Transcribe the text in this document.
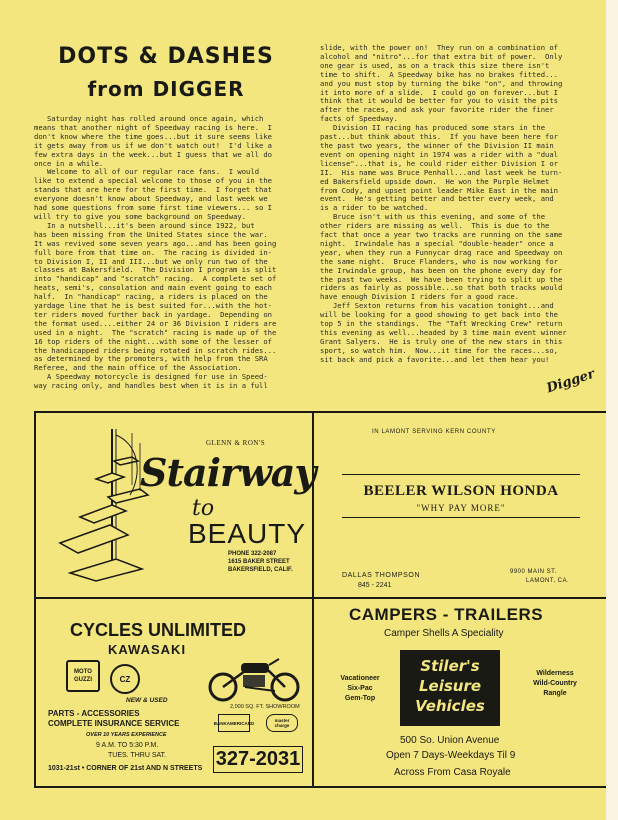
DOTS & DASHES
from DIGGER
Saturday night has rolled around once again, which
means that another night of Speedway racing is here.  I
don't know where the time goes...but it sure seems like
it gets away from us if we don't watch out!  I'd like a
few extra days in the week...but I guess that we all do
once in a while.
Welcome to all of our regular race fans.  I would
like to extend a special welcome to those of you in the
stands that are here for the first time.  I forget that
everyone doesn't know about Speedway, and last week we
had some questions from some first time viewers... so I
will try to give you some background on Speedway.
In a nutshell...it's been around since 1922, but
has been missing from the United States since the war.
It was revived some seven years ago...and has been going
full bore from that time on.  The racing is divided in-
to Division I, II and III...but we only run two of the
classes at Bakersfield.  The Division I program is split
into "handicap" and "scratch" racing.  A complete set of
heats, semi's, consolation and main event going to each
half.  In "handicap" racing, a riders is placed on the
yardage line that he is best suited for...with the hot-
ter riders moved further back in yardage.  Depending on
the format used....either 24 or 36 Division I riders are
used in a night.  The "scratch" racing is made up of the
16 top riders of the night...with some of the lesser of
the handicapped riders being rotated in scratch rides...
as determined by the promoters, with help from the SRA
Referee, and the main office of the Association.
A Speedway motorcycle is designed for use in Speed-
way racing only, and handles best when it is in a full
slide, with the power on!  They run on a combination of
alcohol and "nitro"...for that extra bit of power.  Only
one gear is used, as on a track this size there isn't
time to shift.  A Speedway bike has no brakes fitted...
and you must stop by turning the bike "on", and throwing
it into more of a slide.  I could go on forever...but I
think that it would be better for you to visit the pits
after the races, and ask your favorite rider the finer
facts of Speedway.
Division II racing has produced some stars in the
past...but think about this.  If you have been here for
the past two years, the winner of the Division II main
event on opening night in 1974 was a rider with a "dual
license"...that is, he could rider either Division I or
II.  His name was Bruce Penhall...and last week he turn-
ed Bakersfield upside down.  He won the Purple Helmet
from Cody, and upset point leader Mike East in the main
event.  He's getting better and better every week, and
is a rider to be watched.
Bruce isn't with us this evening, and some of the
other riders are missing as well.  This is due to the
fact that once a year two tracks are running on the same
night.  Irwindale has a special "double-header" once a
year, when they run a Funnycar drag race and Speedway on
the same night.  Bruce Flanders, who is now working for
the Irwindale group, has been on the phone every day for
the past two weeks.  We have been trying to split up the
riders as fairly as possible...so that both tracks would
have enough Division I riders for a good race.
Jeff Sexton returns from his vacation tonight...and
will be looking for a good showing to get back into the
top 5 in the standings.  The "Taft Wrecking Crew" return
this evening as well...headed by 3 time main event winner
Grant Salyers.  He is truly one of the new stars in this
sport, so watch him.  Now...it time for the races...so,
sit back and pick a favorite...and let them hear you!
Digger
GLENN & RON'S
Stairway
to
BEAUTY
PHONE 322-2087
1615 BAKER STREET
BAKERSFIELD, CALIF.
IN LAMONT SERVING KERN COUNTY
BEELER WILSON HONDA
"WHY PAY MORE"
DALLAS THOMPSON
845 - 2241
9900 MAIN ST.
LAMONT, CA.
CYCLES UNLIMITED
KAWASAKI
MOTO GUZZI	CZ
NEW & USED
PARTS - ACCESSORIES
COMPLETE INSURANCE SERVICE
OVER 10 YEARS EXPERIENCE
9 A.M. TO 5:30 P.M.
TUES. THRU SAT.
1031-21st • CORNER OF 21st AND N STREETS
2,000 SQ. FT. SHOWROOM
BANKAMERICARD	master charge
327-2031
CAMPERS - TRAILERS
Camper Shells A Speciality
Vacationeer
Six-Pac
Gem-Top
Stiler's
Leisure
Vehicles
Wilderness
Wild-Country
Rangle
500 So. Union Avenue
Open 7 Days-Weekdays Til 9
Across From Casa Royale
